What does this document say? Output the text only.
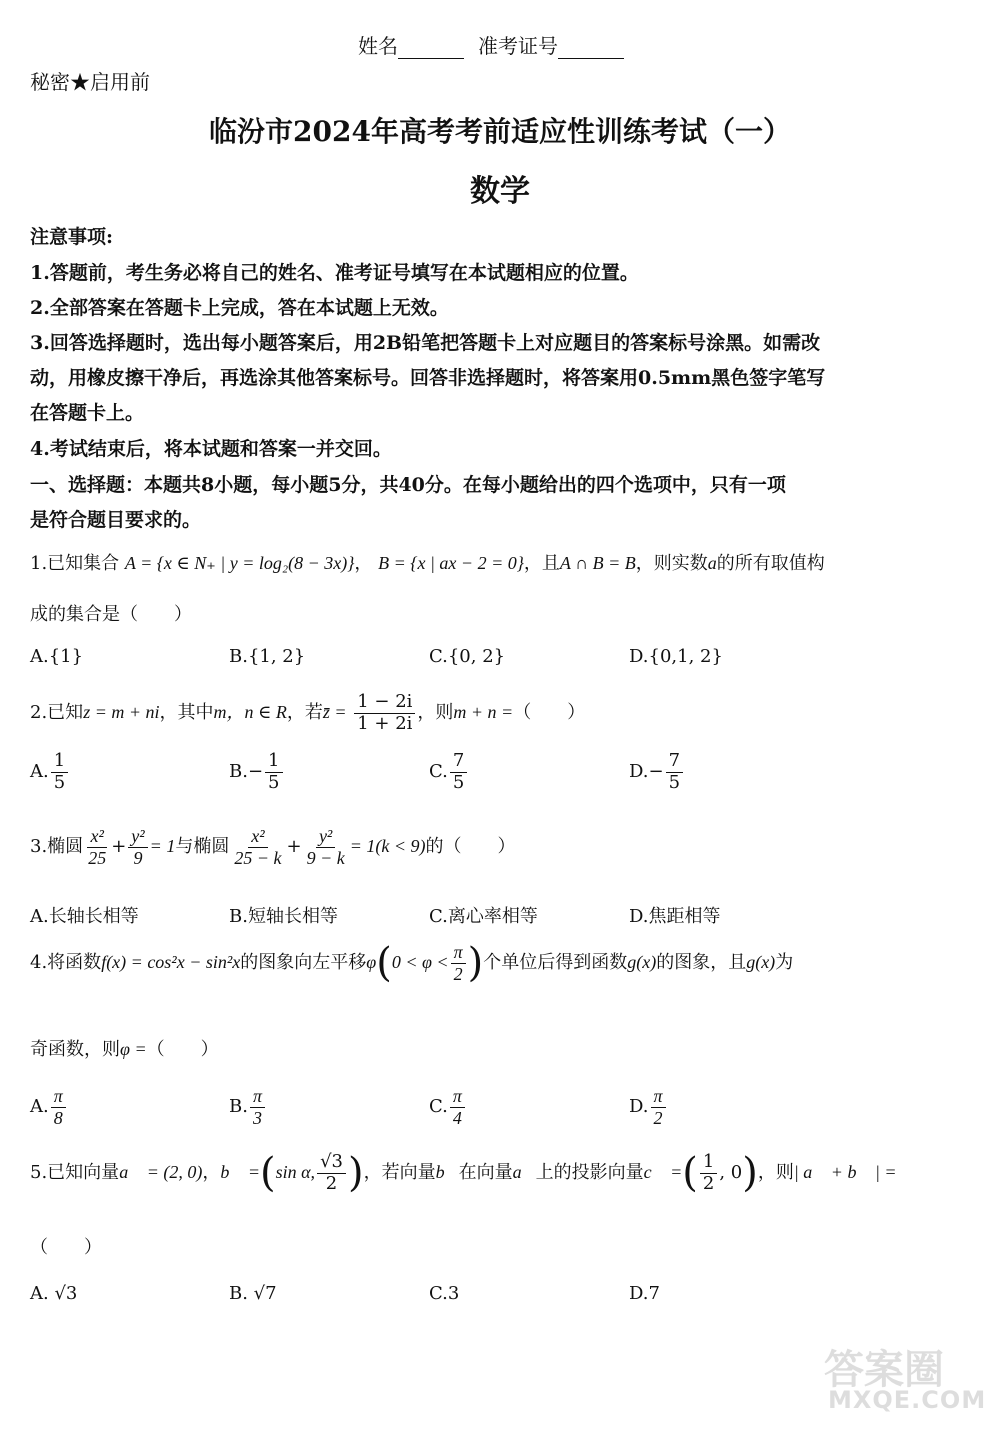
姓名	准考证号
秘密★启用前
临汾市2024年高考考前适应性训练考试（一）
数学
注意事项:
1.答题前，考生务必将自己的姓名、准考证号填写在本试题相应的位置。
2.全部答案在答题卡上完成，答在本试题上无效。
3.回答选择题时，选出每小题答案后，用2B铅笔把答题卡上对应题目的答案标号涂黑。如需改
动，用橡皮擦干净后，再选涂其他答案标号。回答非选择题时，将答案用0.5mm黑色签字笔写
在答题卡上。
4.考试结束后，将本试题和答案一并交回。
一、选择题：本题共8小题，每小题5分，共40分。在每小题给出的四个选项中，只有一项
是符合题目要求的。
1.已知集合 A = {x ∈ N₊ | y = log₂(8 − 3x)}， B = {x | ax − 2 = 0}，且A ∩ B = B，则实数a的所有取值构
成的集合是（　　）
A.{1}	B.{1, 2}	C.{0, 2}	D.{0,1, 2}
2.已知z = m + ni，其中m，n ∈ R，若z̄ = $\frac{1 - 2i}{1 + 2i}$ ，则m + n =（　　）
A. $\frac{1}{5}$	$B.- \frac{1}{5}$	C. $\frac{7}{5}$	$D.- \frac{7}{5}$
3.椭圆 $\frac{\text{x²}}{25} + \frac{\text{y²}}{9} = 1$与椭圆 $\frac{\text{x²}}{25 - k} + \frac{\text{y²}}{9 - k} = 1(k < 9)$的（　　）
A.长轴长相等	B.短轴长相等	C.离心率相等	D.焦距相等
4.将函数f(x) = cos²x − sin²x的图象向左平移$\varphi(0 < \varphi < \frac{\pi}{2}$ )个单位后得到函数g(x)的图象，且g(x)为
奇函数，则φ =（　　）
A. $\frac{\pi}{8}$	B. $\frac{\pi}{3}$	C. $\frac{\pi}{4}$	D. $\frac{\pi}{2}$
5.已知向量a⃗ = (2, 0)，b⃗ =(sin α, $\frac{√3}{2}$ )，若向量b⃗在向量a⃗上的投影向量c⃗ =( $\frac{1}{2}$ , 0)，则| a⃗ + b⃗ | =
（　　）
A. √3	B. √7	C.3	D.7
答案圈
MXQE.COM
